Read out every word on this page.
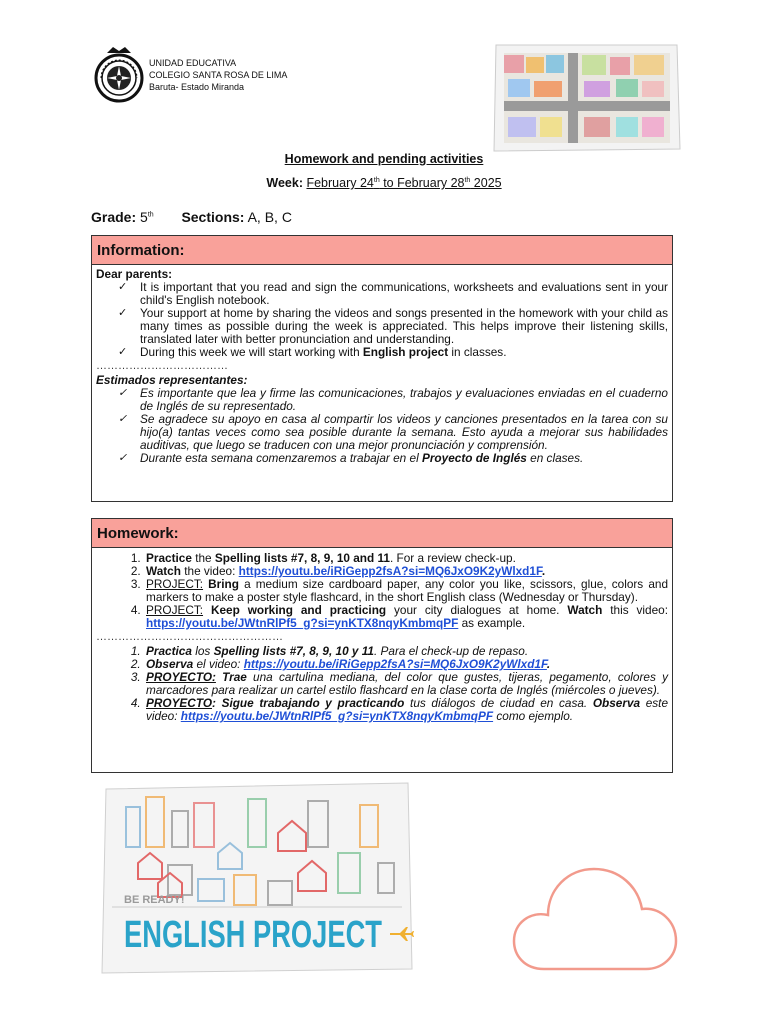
UNIDAD EDUCATIVA
COLEGIO SANTA ROSA DE LIMA
Baruta- Estado Miranda
Homework and pending activities
Week: February 24th to February 28th 2025
Grade: 5th Sections: A, B, C
Information:
Dear parents:
✓ It is important that you read and sign the communications, worksheets and evaluations sent in your child's English notebook.
✓ Your support at home by sharing the videos and songs presented in the homework with your child as many times as possible during the week is appreciated. This helps improve their listening skills, translated later with better pronunciation and understanding.
✓ During this week we will start working with English project in classes.
………………………………
Estimados representantes:
✓ Es importante que lea y firme las comunicaciones, trabajos y evaluaciones enviadas en el cuaderno de Inglés de su representado.
✓ Se agradece su apoyo en casa al compartir los videos y canciones presentados en la tarea con su hijo(a) tantas veces como sea posible durante la semana. Esto ayuda a mejorar sus habilidades auditivas, que luego se traducen con una mejor pronunciación y comprensión.
✓ Durante esta semana comenzaremos a trabajar en el Proyecto de Inglés en clases.
Homework:
1. Practice the Spelling lists #7, 8, 9, 10 and 11. For a review check-up.
2. Watch the video: https://youtu.be/iRiGepp2fsA?si=MQ6JxO9K2yWlxd1F.
3. PROJECT: Bring a medium size cardboard paper, any color you like, scissors, glue, colors and markers to make a poster style flashcard, in the short English class (Wednesday or Thursday).
4. PROJECT: Keep working and practicing your city dialogues at home. Watch this video: https://youtu.be/JWtnRlPf5_g?si=ynKTX8nqyKmbmqPF as example.
……………………………………………
1. Practica los Spelling lists #7, 8, 9, 10 y 11. Para el check-up de repaso.
2. Observa el video: https://youtu.be/iRiGepp2fsA?si=MQ6JxO9K2yWlxd1F.
3. PROYECTO: Trae una cartulina mediana, del color que gustes, tijeras, pegamento, colores y marcadores para realizar un cartel estilo flashcard en la clase corta de Inglés (miércoles o jueves).
4. PROYECTO: Sigue trabajando y practicando tus diálogos de ciudad en casa. Observa este video: https://youtu.be/JWtnRlPf5_g?si=ynKTX8nqyKmbmqPF como ejemplo.
BE READY!
ENGLISH PROJECT
